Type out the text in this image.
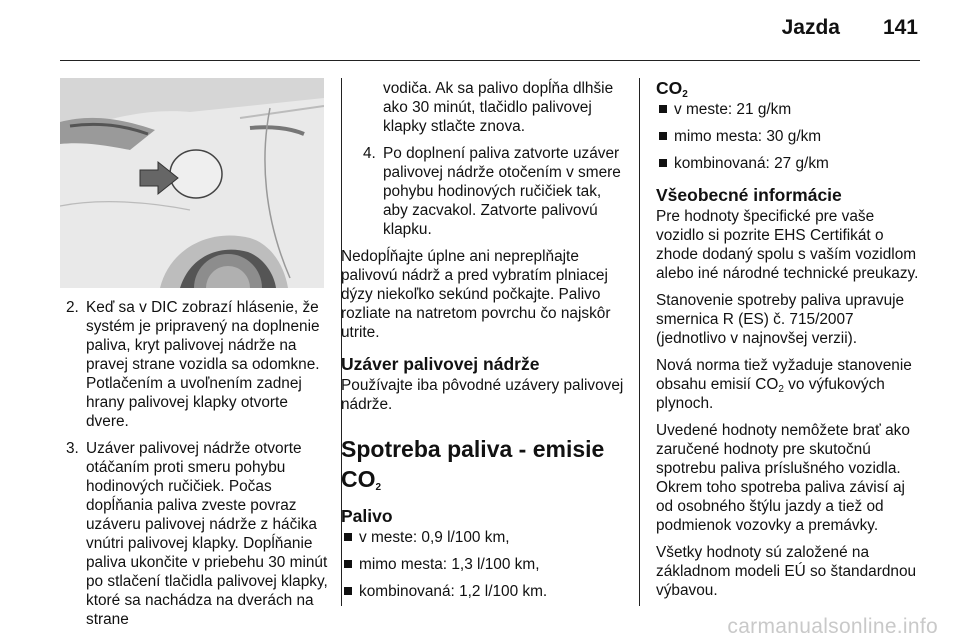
Jazda 141
2. Keď sa v DIC zobrazí hlásenie, že systém je pripravený na doplnenie paliva, kryt palivovej nádrže na pravej strane vozidla sa odomkne. Potlačením a uvoľnením zadnej hrany palivovej klapky otvorte dvere.
3. Uzáver palivovej nádrže otvorte otáčaním proti smeru pohybu hodinových ručičiek. Počas dopĺňania paliva zveste povraz uzáveru palivovej nádrže z háčika vnútri palivovej klapky. Dopĺňanie paliva ukončite v priebehu 30 minút po stlačení tlačidla palivovej klapky, ktoré sa nachádza na dverách na strane
vodiča. Ak sa palivo dopĺňa dlhšie ako 30 minút, tlačidlo palivovej klapky stlačte znova.
4. Po doplnení paliva zatvorte uzáver palivovej nádrže otočením v smere pohybu hodinových ručičiek tak, aby zacvakol. Zatvorte palivovú klapku.

Nedopĺňajte úplne ani nepreplňajte palivovú nádrž a pred vybratím plniacej dýzy niekoľko sekúnd počkajte. Palivo rozliate na natretom povrchu čo najskôr utrite.

Uzáver palivovej nádrže

Používajte iba pôvodné uzávery palivovej nádrže.

Spotreba paliva - emisie
$CO_2$
Palivo
v meste: 0,9 l/100 km,
mimo mesta: 1,3 l/100 km,
kombinovaná: 1,2 l/100 km.
$CO_2$
v meste: 21 g/km
mimo mesta: 30 g/km
kombinovaná: 27 g/km
Všeobecné informácie

Pre hodnoty špecifické pre vaše vozidlo si pozrite EHS Certifikát o zhode dodaný spolu s vaším vozidlom alebo iné národné technické preukazy.

Stanovenie spotreby paliva upravuje smernica R (ES) č. 715/2007 (jednotlivo v najnovšej verzii).

Nová norma tiež vyžaduje stanovenie obsahu emisií $CO_2$ vo výfukových plynoch.

Uvedené hodnoty nemôžete brať ako zaručené hodnoty pre skutočnú spotrebu paliva príslušného vozidla. Okrem toho spotreba paliva závisí aj od osobného štýlu jazdy a tiež od podmienok vozovky a premávky.

Všetky hodnoty sú založené na základnom modeli EÚ so štandardnou výbavou.

carmanualsonline.info
